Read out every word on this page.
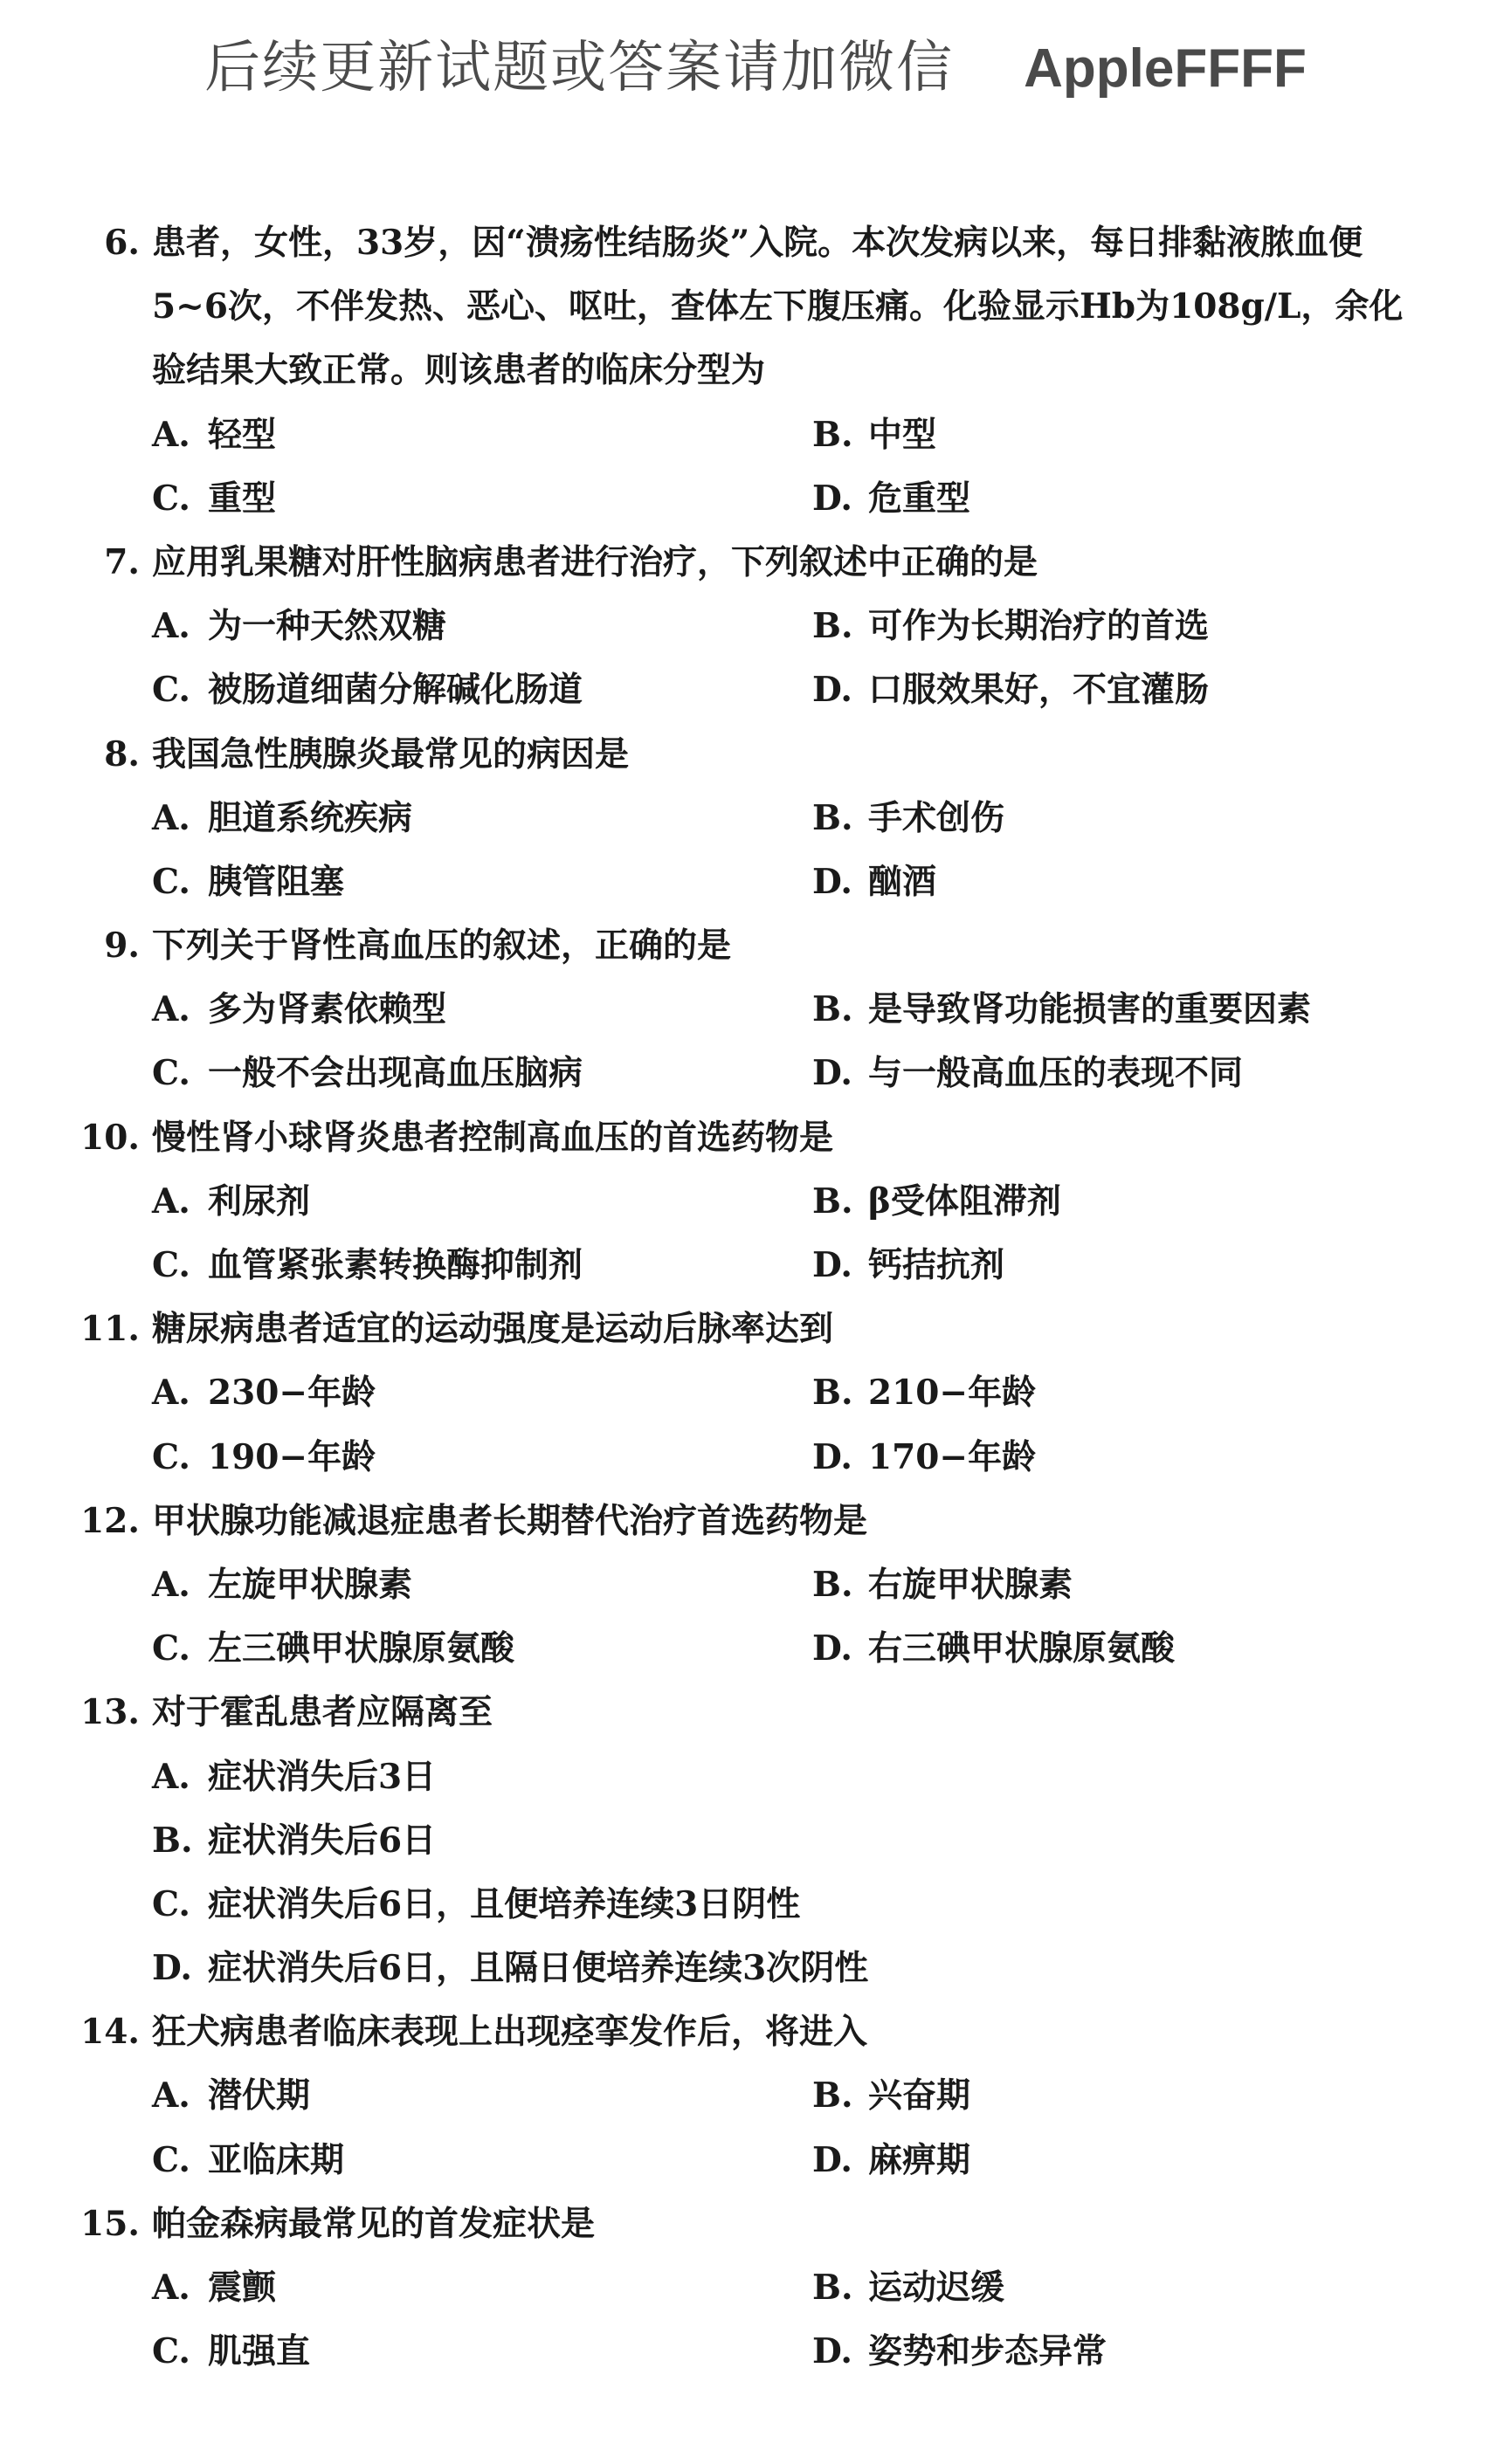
后续更新试题或答案请加微信 AppleFFFF
6. 患者，女性，33岁，因“溃疡性结肠炎”入院。本次发病以来，每日排黏液脓血便
5~6次，不伴发热、恶心、呕吐，查体左下腹压痛。化验显示Hb为108g/L，余化
验结果大致正常。则该患者的临床分型为
A. 轻型	B. 中型
C. 重型	D. 危重型
7. 应用乳果糖对肝性脑病患者进行治疗，下列叙述中正确的是
A. 为一种天然双糖	B. 可作为长期治疗的首选
C. 被肠道细菌分解碱化肠道	D. 口服效果好，不宜灌肠
8. 我国急性胰腺炎最常见的病因是
A. 胆道系统疾病	B. 手术创伤
C. 胰管阻塞	D. 酗酒
9. 下列关于肾性高血压的叙述，正确的是
A. 多为肾素依赖型	B. 是导致肾功能损害的重要因素
C. 一般不会出现高血压脑病	D. 与一般高血压的表现不同
10. 慢性肾小球肾炎患者控制高血压的首选药物是
A. 利尿剂	B. β受体阻滞剂
C. 血管紧张素转换酶抑制剂	D. 钙拮抗剂
11. 糖尿病患者适宜的运动强度是运动后脉率达到
A. 230−年龄	B. 210−年龄
C. 190−年龄	D. 170−年龄
12. 甲状腺功能减退症患者长期替代治疗首选药物是
A. 左旋甲状腺素	B. 右旋甲状腺素
C. 左三碘甲状腺原氨酸	D. 右三碘甲状腺原氨酸
13. 对于霍乱患者应隔离至
A. 症状消失后3日
B. 症状消失后6日
C. 症状消失后6日，且便培养连续3日阴性
D. 症状消失后6日，且隔日便培养连续3次阴性
14. 狂犬病患者临床表现上出现痉挛发作后，将进入
A. 潜伏期	B. 兴奋期
C. 亚临床期	D. 麻痹期
15. 帕金森病最常见的首发症状是
A. 震颤	B. 运动迟缓
C. 肌强直	D. 姿势和步态异常
